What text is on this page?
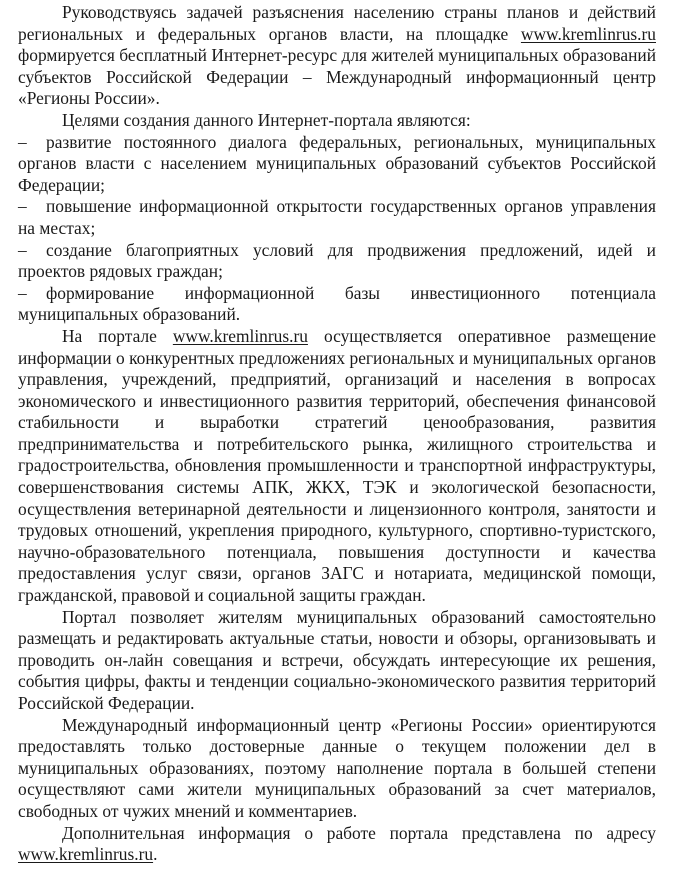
Руководствуясь задачей разъяснения населению страны планов и действий региональных и федеральных органов власти, на площадке www.kremlinrus.ru формируется бесплатный Интернет-ресурс для жителей муниципальных образований субъектов Российской Федерации – Международный информационный центр «Регионы России».

Целями создания данного Интернет-портала являются:

– развитие постоянного диалога федеральных, региональных, муниципальных органов власти с населением муниципальных образований субъектов Российской Федерации;

– повышение информационной открытости государственных органов управления на местах;

– создание благоприятных условий для продвижения предложений, идей и проектов рядовых граждан;

– формирование информационной базы инвестиционного потенциала муниципальных образований.

На портале www.kremlinrus.ru осуществляется оперативное размещение информации о конкурентных предложениях региональных и муниципальных органов управления, учреждений, предприятий, организаций и населения в вопросах экономического и инвестиционного развития территорий, обеспечения финансовой стабильности и выработки стратегий ценообразования, развития предпринимательства и потребительского рынка, жилищного строительства и градостроительства, обновления промышленности и транспортной инфраструктуры, совершенствования системы АПК, ЖКХ, ТЭК и экологической безопасности, осуществления ветеринарной деятельности и лицензионного контроля, занятости и трудовых отношений, укрепления природного, культурного, спортивно-туристского, научно-образовательного потенциала, повышения доступности и качества предоставления услуг связи, органов ЗАГС и нотариата, медицинской помощи, гражданской, правовой и социальной защиты граждан.

Портал позволяет жителям муниципальных образований самостоятельно размещать и редактировать актуальные статьи, новости и обзоры, организовывать и проводить он-лайн совещания и встречи, обсуждать интересующие их решения, события цифры, факты и тенденции социально-экономического развития территорий Российской Федерации.

Международный информационный центр «Регионы России» ориентируются предоставлять только достоверные данные о текущем положении дел в муниципальных образованиях, поэтому наполнение портала в большей степени осуществляют сами жители муниципальных образований за счет материалов, свободных от чужих мнений и комментариев.

Дополнительная информация о работе портала представлена по адресу www.kremlinrus.ru.
